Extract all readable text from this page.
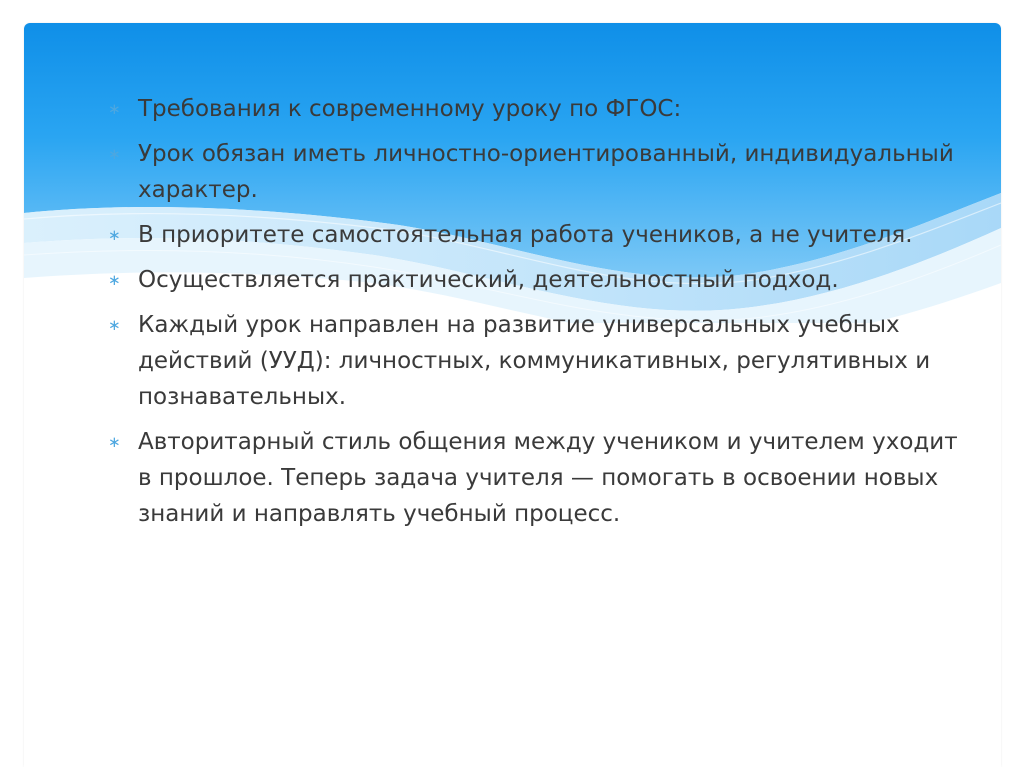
∗ Требования к современному уроку по ФГОС:
∗ Урок обязан иметь личностно-ориентированный, индивидуальный характер.
∗ В приоритете самостоятельная работа учеников, а не учителя.
∗ Осуществляется практический, деятельностный подход.
∗ Каждый урок направлен на развитие универсальных учебных действий (УУД): личностных, коммуникативных, регулятивных и познавательных.
∗ Авторитарный стиль общения между учеником и учителем уходит в прошлое. Теперь задача учителя — помогать в освоении новых знаний и направлять учебный процесс.
